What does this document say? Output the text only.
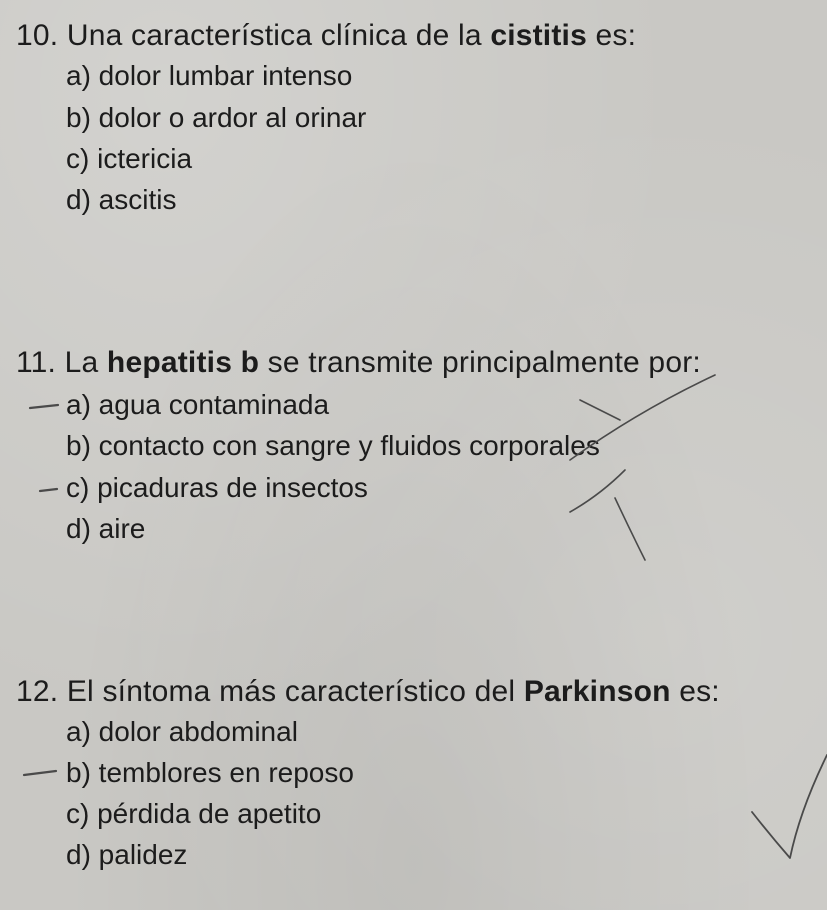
10. Una característica clínica de la cistitis es:
a) dolor lumbar intenso
b) dolor o ardor al orinar
c) ictericia
d) ascitis
11. La hepatitis b se transmite principalmente por:
a) agua contaminada
b) contacto con sangre y fluidos corporales
c) picaduras de insectos
d) aire
12. El síntoma más característico del Parkinson es:
a) dolor abdominal
b) temblores en reposo
c) pérdida de apetito
d) palidez
